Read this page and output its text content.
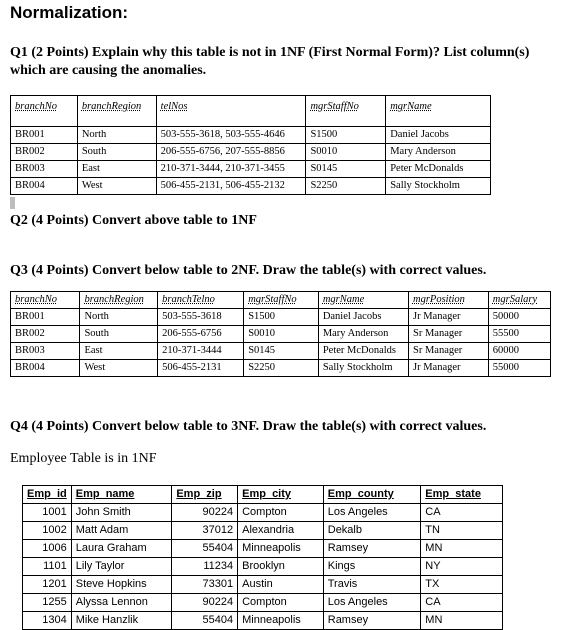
Normalization:

Q1 (2 Points) Explain why this table is not in 1NF (First Normal Form)? List column(s) which are causing the anomalies.

branchNo	branchRegion	telNos	mgrStaffNo	mgrName
BR001	North	503-555-3618, 503-555-4646	S1500	Daniel Jacobs
BR002	South	206-555-6756, 207-555-8856	S0010	Mary Anderson
BR003	East	210-371-3444, 210-371-3455	S0145	Peter McDonalds
BR004	West	506-455-2131, 506-455-2132	S2250	Sally Stockholm

Q2 (4 Points) Convert above table to 1NF

Q3 (4 Points) Convert below table to 2NF. Draw the table(s) with correct values.

branchNo	branchRegion	branchTelno	mgrStaffNo	mgrName	mgrPosition	mgrSalary
BR001	North	503-555-3618	S1500	Daniel Jacobs	Jr Manager	50000
BR002	South	206-555-6756	S0010	Mary Anderson	Sr Manager	55500
BR003	East	210-371-3444	S0145	Peter McDonalds	Sr Manager	60000
BR004	West	506-455-2131	S2250	Sally Stockholm	Jr Manager	55000

Q4 (4 Points) Convert below table to 3NF. Draw the table(s) with correct values.

Employee Table is in 1NF

Emp_id	Emp_name	Emp_zip	Emp_city	Emp_county	Emp_state
1001	John Smith	90224	Compton	Los Angeles	CA
1002	Matt Adam	37012	Alexandria	Dekalb	TN
1006	Laura Graham	55404	Minneapolis	Ramsey	MN
1101	Lily Taylor	11234	Brooklyn	Kings	NY
1201	Steve Hopkins	73301	Austin	Travis	TX
1255	Alyssa Lennon	90224	Compton	Los Angeles	CA
1304	Mike Hanzlik	55404	Minneapolis	Ramsey	MN
